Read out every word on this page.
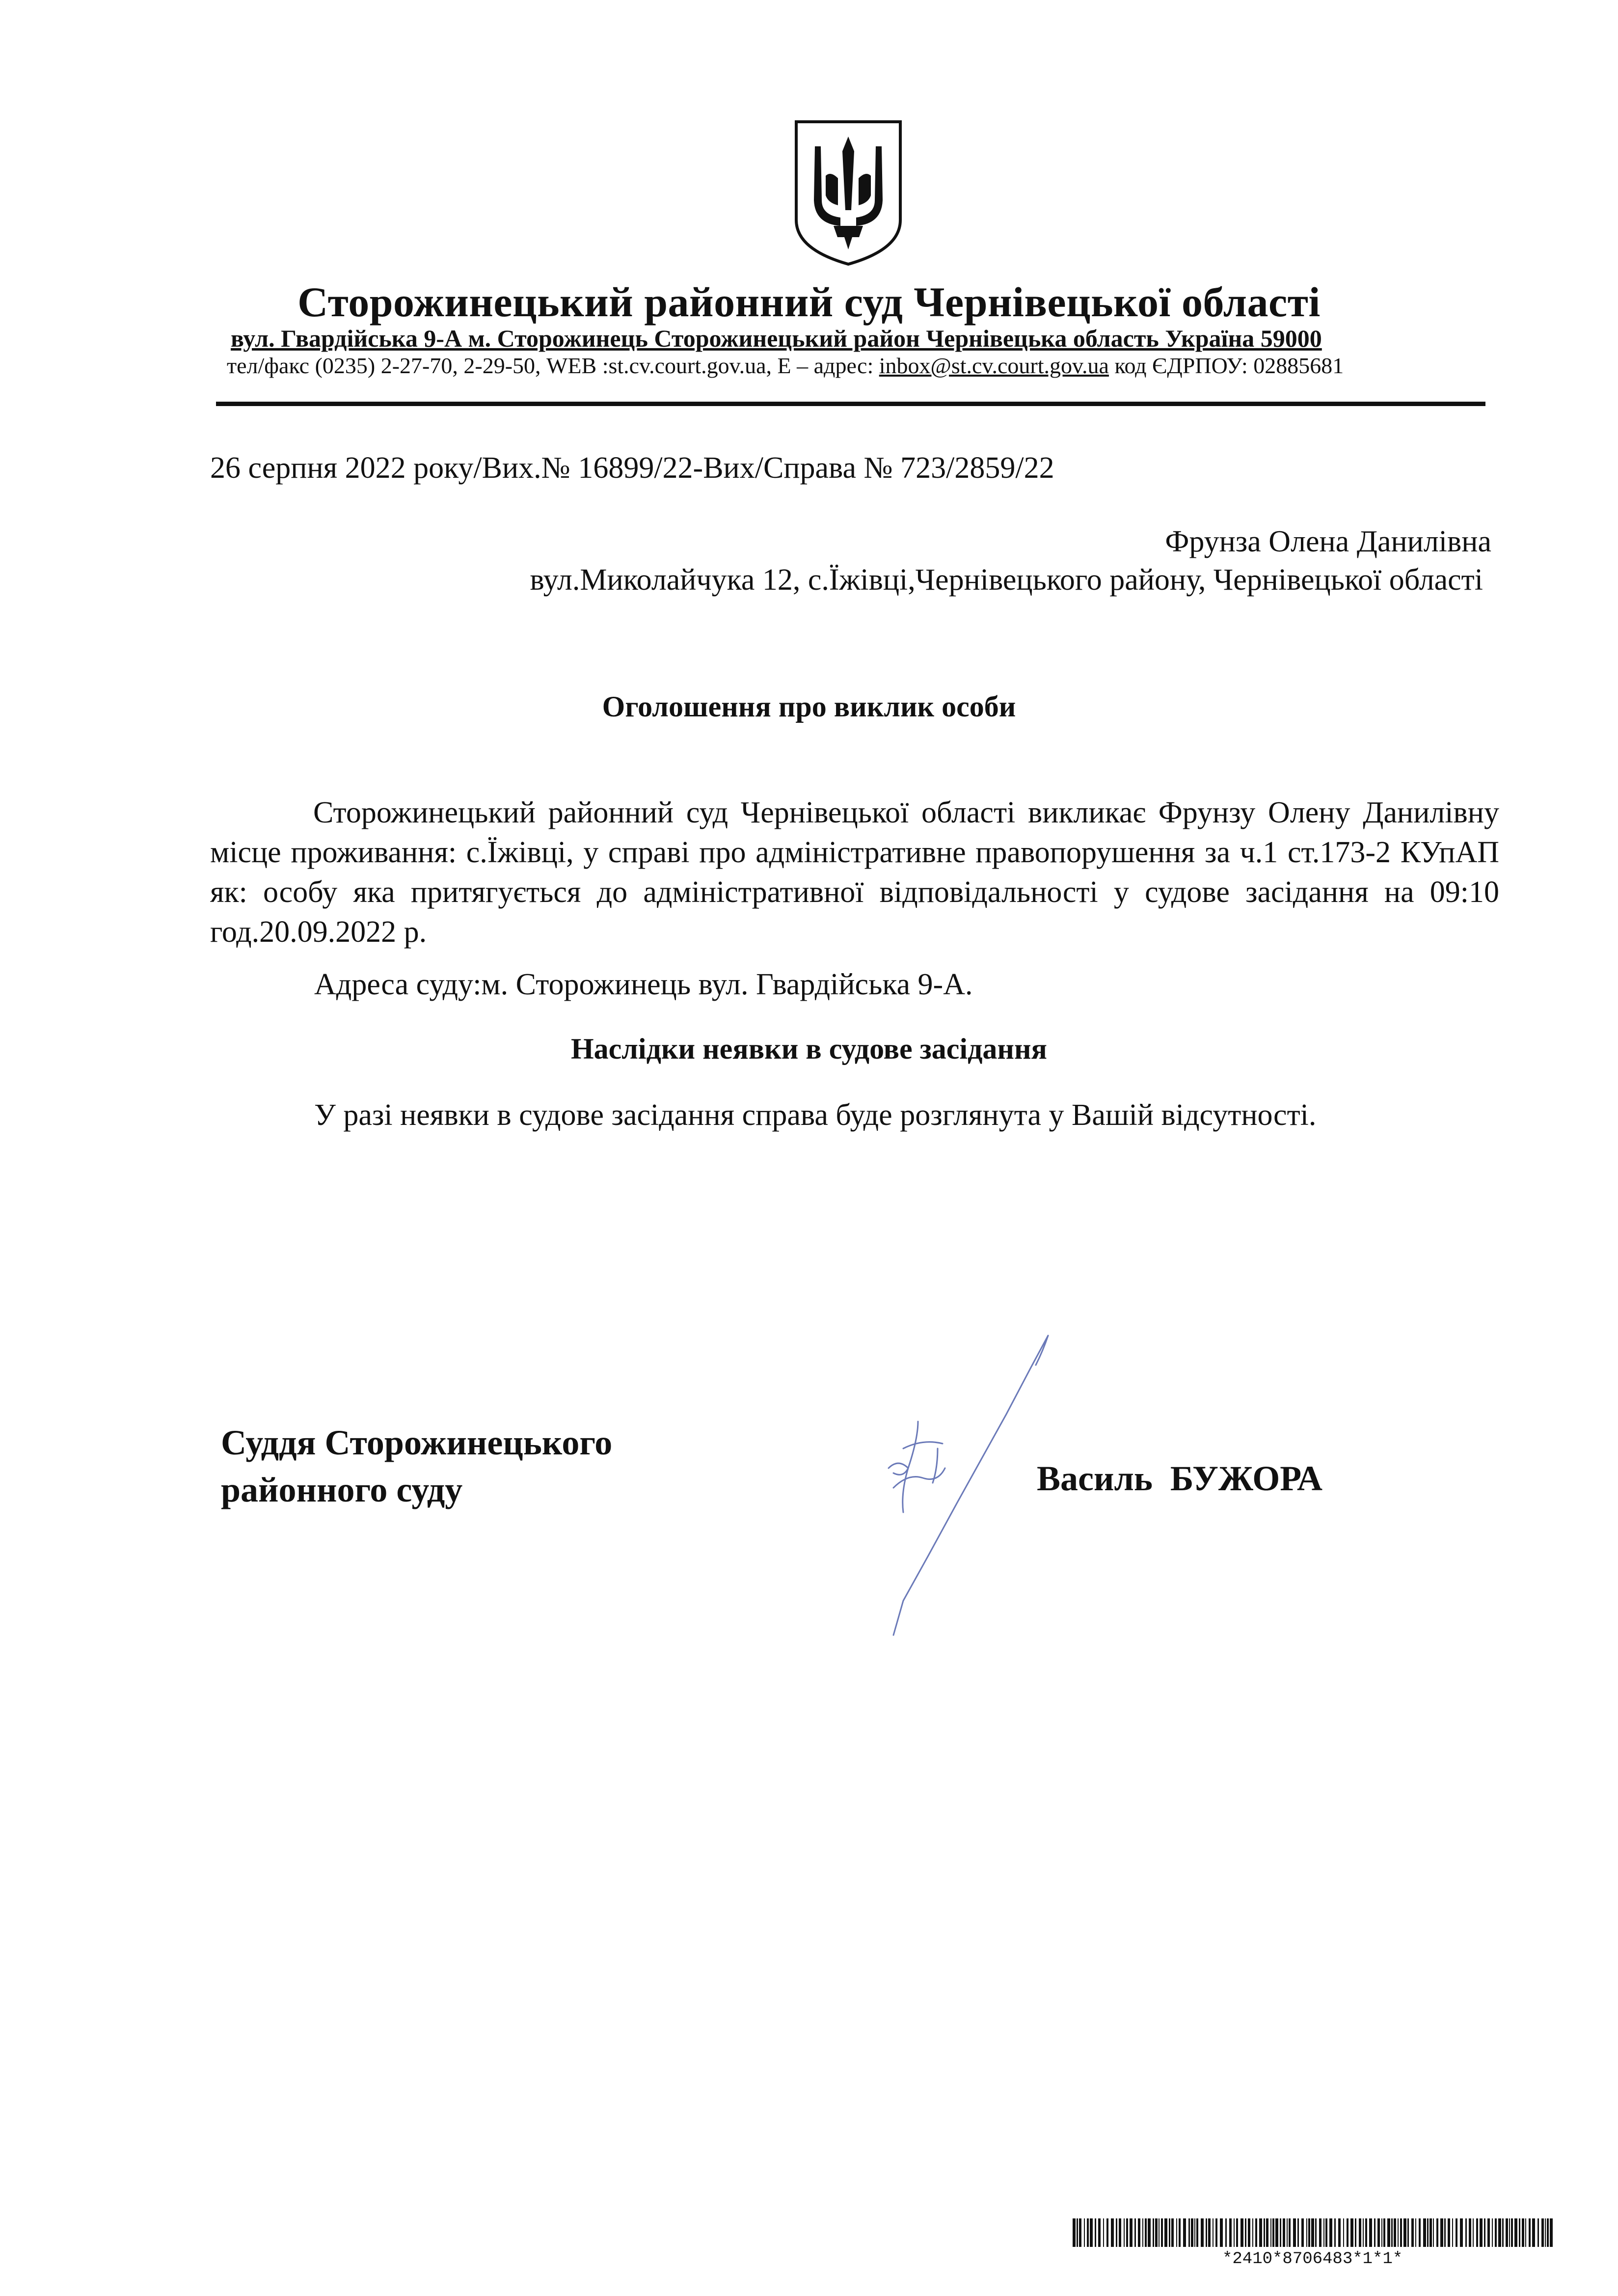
Сторожинецький районний суд Чернівецької області
вул. Гвардійська 9-А м. Сторожинець Сторожинецький район Чернівецька область Україна 59000
тел/факс (0235) 2-27-70, 2-29-50, WEB :st.cv.court.gov.ua, Е – адрес: inbox@st.cv.court.gov.ua код ЄДРПОУ: 02885681
26 серпня 2022 року/Вих.№ 16899/22-Вих/Справа № 723/2859/22
Фрунза Олена Данилівна
вул.Миколайчука 12, с.Їжівці,Чернівецького району, Чернівецької області
Оголошення про виклик особи
Сторожинецький районний суд Чернівецької області викликає Фрунзу Олену Данилівну місце проживання: с.Їжівці, у справі про адміністративне правопорушення за ч.1 ст.173-2 КУпАП як: особу яка притягується до адміністративної відповідальності у судове засідання на 09:10 год.20.09.2022 р.
Адреса суду:м. Сторожинець вул. Гвардійська 9-А.
Наслідки неявки в судове засідання
У разі неявки в судове засідання справа буде розглянута у Вашій відсутності.
Суддя Сторожинецького
районного суду	Василь БУЖОРА
*2410*8706483*1*1*
